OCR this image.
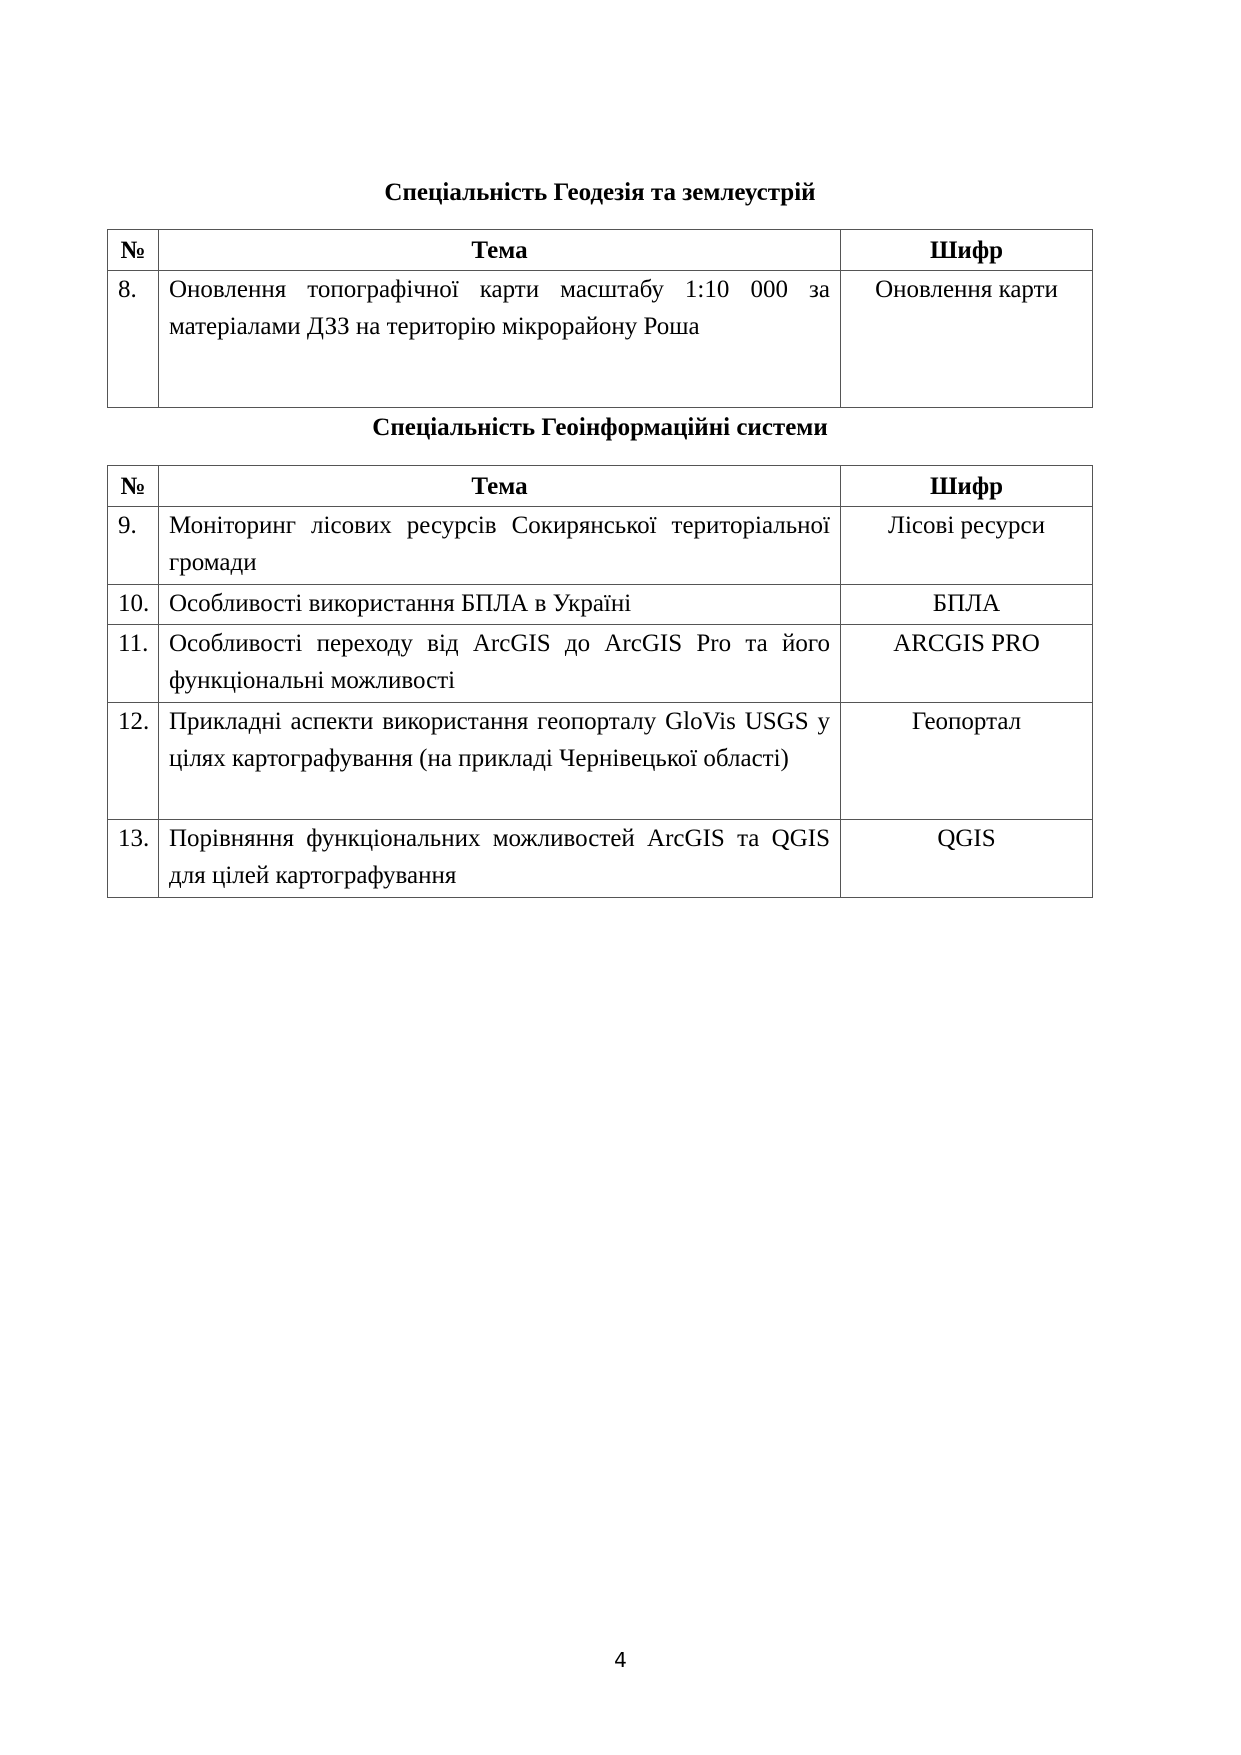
Спеціальність Геодезія та землеустрій
№	Тема	Шифр
8.	Оновлення топографічної карти масштабу 1:10 000 за матеріалами ДЗЗ на територію мікрорайону Роша	Оновлення карти
Спеціальність Геоінформаційні системи
№	Тема	Шифр
9.	Моніторинг лісових ресурсів Сокирянської територіальної громади	Лісові ресурси
10.	Особливості використання БПЛА в Україні	БПЛА
11.	Особливості переходу від ArcGIS до ArcGIS Pro та його функціональні можливості	ARCGIS PRO
12.	Прикладні аспекти використання геопорталу GloVis USGS у цілях картографування (на прикладі Чернівецької області)	Геопортал
13.	Порівняння функціональних можливостей ArcGIS та QGIS для цілей картографування	QGIS
4
